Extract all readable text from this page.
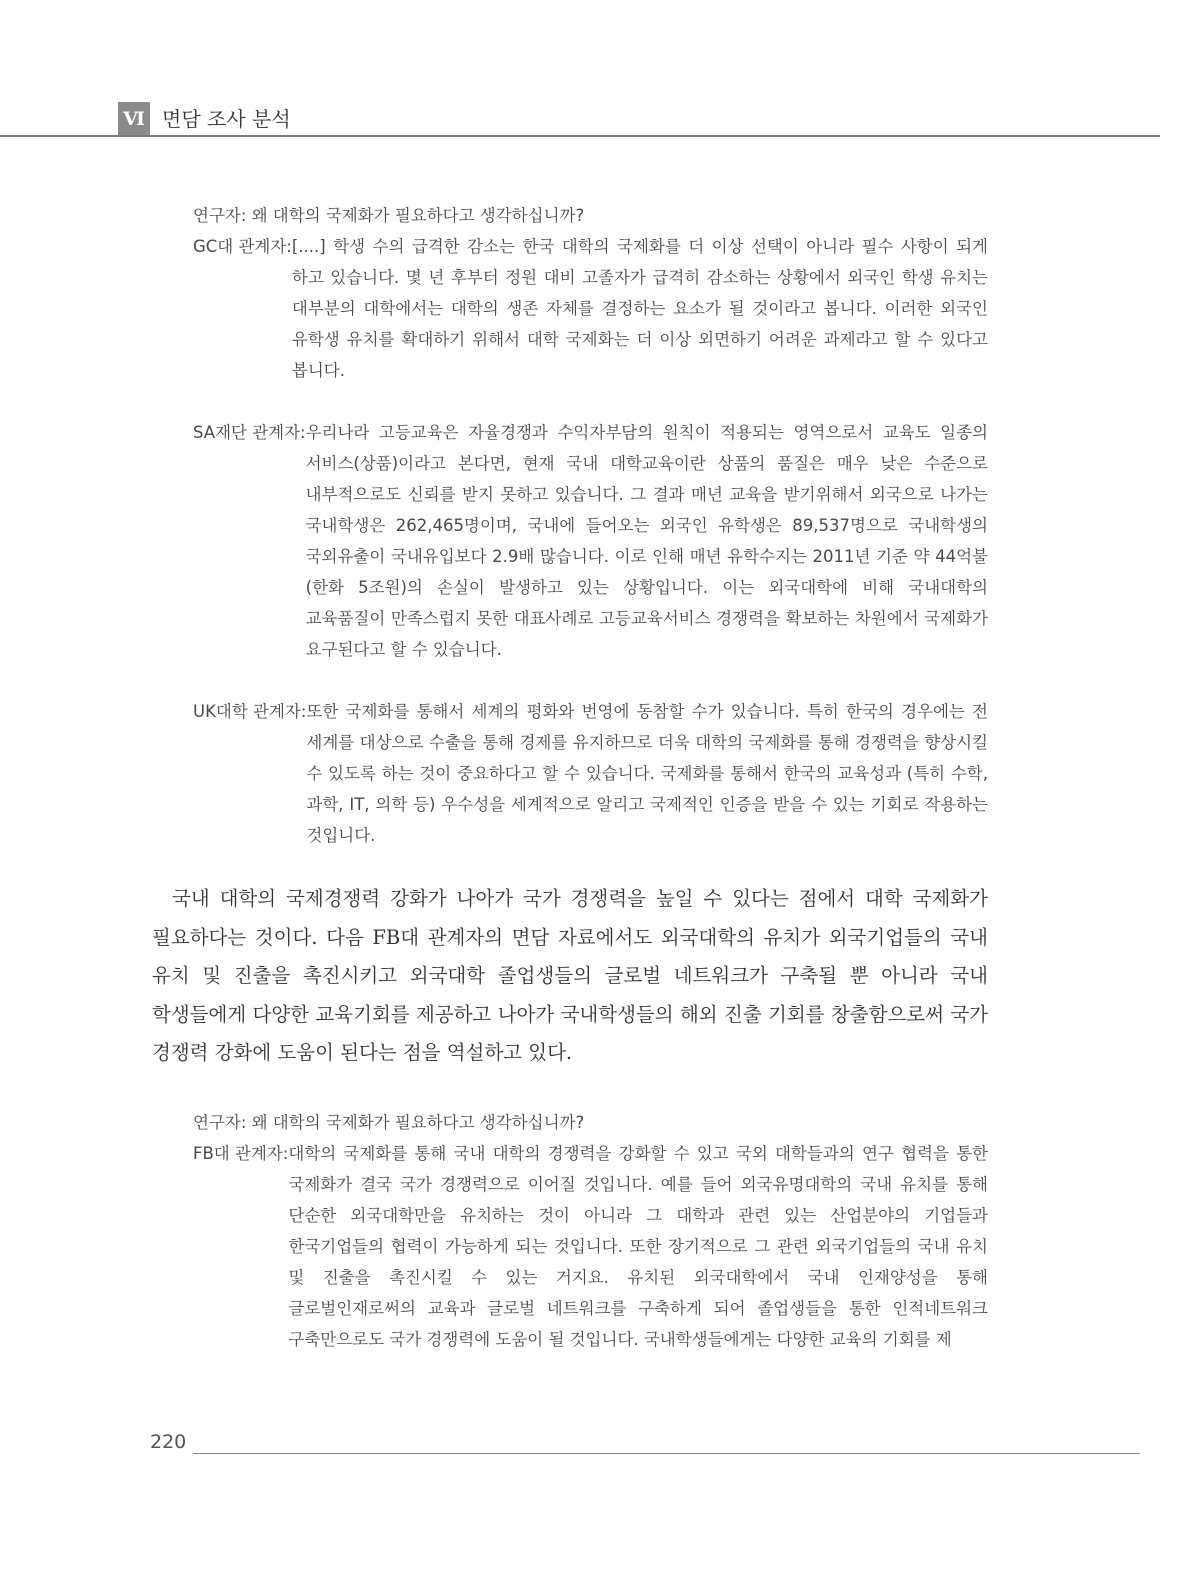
Ⅵ 면담 조사 분석
연구자: 왜 대학의 국제화가 필요하다고 생각하십니까?
GC대 관계자: [....] 학생 수의 급격한 감소는 한국 대학의 국제화를 더 이상 선택이 아니라 필수 사항이 되게 하고 있습니다. 몇 년 후부터 정원 대비 고졸자가 급격히 감소하는 상황에서 외국인 학생 유치는 대부분의 대학에서는 대학의 생존 자체를 결정하는 요소가 될 것이라고 봅니다. 이러한 외국인 유학생 유치를 확대하기 위해서 대학 국제화는 더 이상 외면하기 어려운 과제라고 할 수 있다고 봅니다.
SA재단 관계자: 우리나라 고등교육은 자율경쟁과 수익자부담의 원칙이 적용되는 영역으로서 교육도 일종의 서비스(상품)이라고 본다면, 현재 국내 대학교육이란 상품의 품질은 매우 낮은 수준으로 내부적으로도 신뢰를 받지 못하고 있습니다. 그 결과 매년 교육을 받기위해서 외국으로 나가는 국내학생은 262,465명이며, 국내에 들어오는 외국인 유학생은 89,537명으로 국내학생의 국외유출이 국내유입보다 2.9배 많습니다. 이로 인해 매년 유학수지는 2011년 기준 약 44억불(한화 5조원)의 손실이 발생하고 있는 상황입니다. 이는 외국대학에 비해 국내대학의 교육품질이 만족스럽지 못한 대표사례로 고등교육서비스 경쟁력을 확보하는 차원에서 국제화가 요구된다고 할 수 있습니다.
UK대학 관계자: 또한 국제화를 통해서 세계의 평화와 번영에 동참할 수가 있습니다. 특히 한국의 경우에는 전 세계를 대상으로 수출을 통해 경제를 유지하므로 더욱 대학의 국제화를 통해 경쟁력을 향상시킬 수 있도록 하는 것이 중요하다고 할 수 있습니다. 국제화를 통해서 한국의 교육성과 (특히 수학, 과학, IT, 의학 등) 우수성을 세계적으로 알리고 국제적인 인증을 받을 수 있는 기회로 작용하는 것입니다.
국내 대학의 국제경쟁력 강화가 나아가 국가 경쟁력을 높일 수 있다는 점에서 대학 국제화가 필요하다는 것이다. 다음 FB대 관계자의 면담 자료에서도 외국대학의 유치가 외국기업들의 국내 유치 및 진출을 촉진시키고 외국대학 졸업생들의 글로벌 네트워크가 구축될 뿐 아니라 국내 학생들에게 다양한 교육기회를 제공하고 나아가 국내학생들의 해외 진출 기회를 창출함으로써 국가 경쟁력 강화에 도움이 된다는 점을 역설하고 있다.
연구자: 왜 대학의 국제화가 필요하다고 생각하십니까?
FB대 관계자: 대학의 국제화를 통해 국내 대학의 경쟁력을 강화할 수 있고 국외 대학들과의 연구 협력을 통한 국제화가 결국 국가 경쟁력으로 이어질 것입니다. 예를 들어 외국유명대학의 국내 유치를 통해 단순한 외국대학만을 유치하는 것이 아니라 그 대학과 관련 있는 산업분야의 기업들과 한국기업들의 협력이 가능하게 되는 것입니다. 또한 장기적으로 그 관련 외국기업들의 국내 유치 및 진출을 촉진시킬 수 있는 거지요. 유치된 외국대학에서 국내 인재양성을 통해 글로벌인재로써의 교육과 글로벌 네트워크를 구축하게 되어 졸업생들을 통한 인적네트워크 구축만으로도 국가 경쟁력에 도움이 될 것입니다. 국내학생들에게는 다양한 교육의 기회를 제
220
